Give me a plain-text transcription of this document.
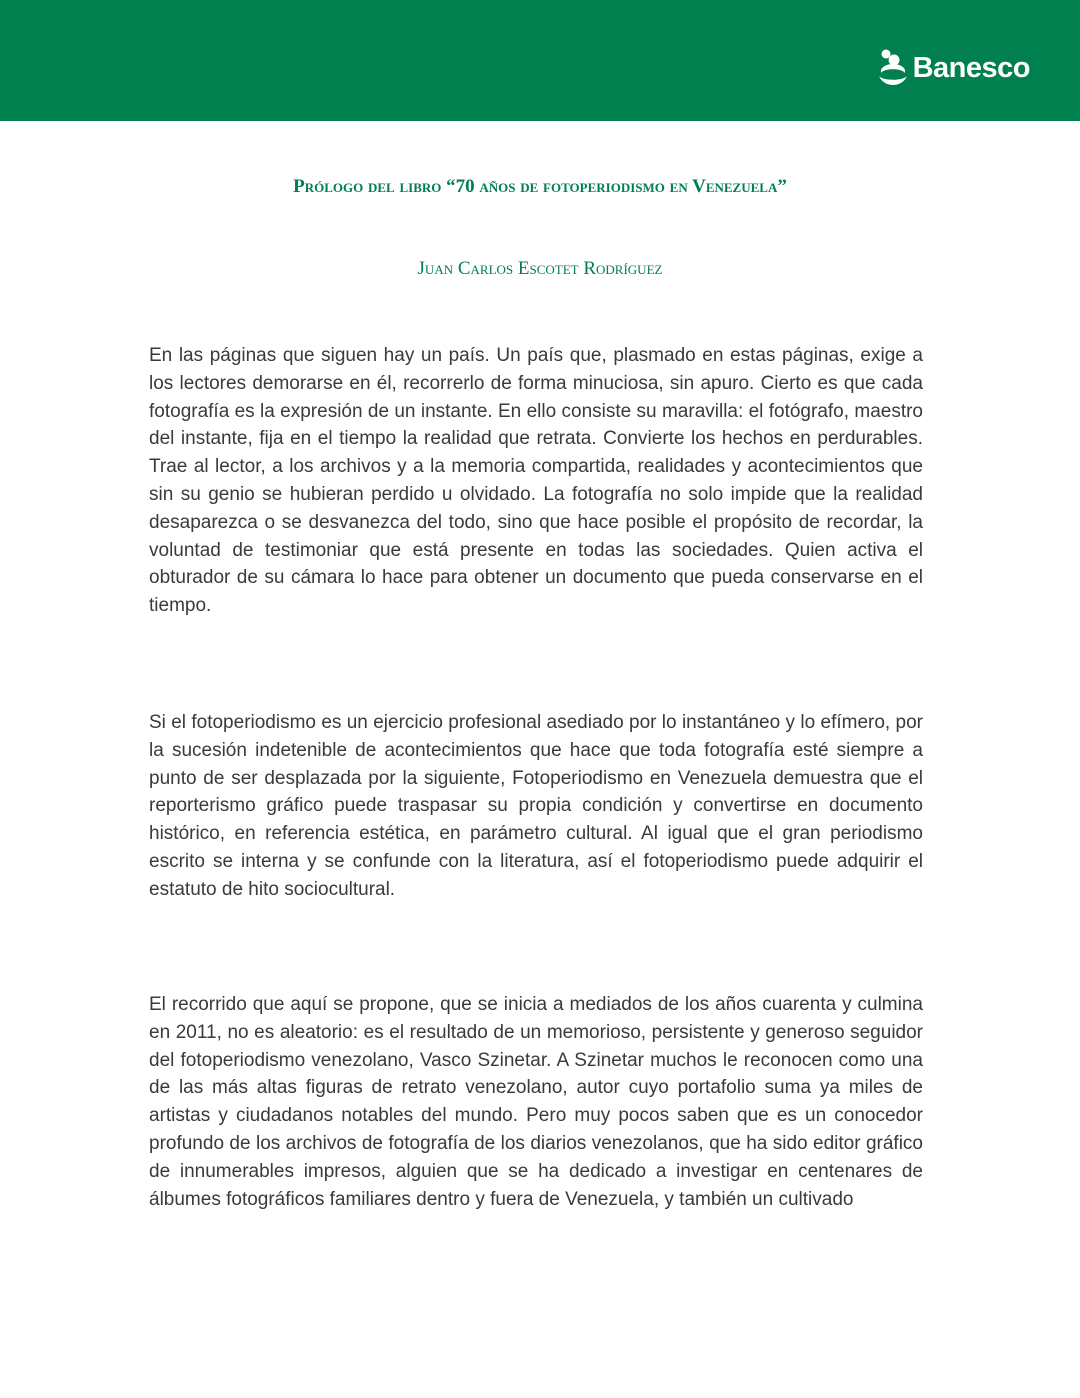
Banesco
Prólogo del libro “70 años de fotoperiodismo en Venezuela”
Juan Carlos Escotet Rodríguez

En las páginas que siguen hay un país. Un país que, plasmado en estas páginas, exige a los lectores demorarse en él, recorrerlo de forma minuciosa, sin apuro. Cierto es que cada fotografía es la expresión de un instante. En ello consiste su maravilla: el fotógrafo, maestro del instante, fija en el tiempo la realidad que retrata. Convierte los hechos en perdurables. Trae al lector, a los archivos y a la memoria compartida, realidades y acontecimientos que sin su genio se hubieran perdido u olvidado. La fotografía no solo impide que la realidad desaparezca o se desvanezca del todo, sino que hace posible el propósito de recordar, la voluntad de testimoniar que está presente en todas las sociedades. Quien activa el obturador de su cámara lo hace para obtener un documento que pueda conservarse en el tiempo.

Si el fotoperiodismo es un ejercicio profesional asediado por lo instantáneo y lo efímero, por la sucesión indetenible de acontecimientos que hace que toda fotografía esté siempre a punto de ser desplazada por la siguiente, Fotoperiodismo en Venezuela demuestra que el reporterismo gráfico puede traspasar su propia condición y convertirse en documento histórico, en referencia estética, en parámetro cultural. Al igual que el gran periodismo escrito se interna y se confunde con la literatura, así el fotoperiodismo puede adquirir el estatuto de hito sociocultural.

El recorrido que aquí se propone, que se inicia a mediados de los años cuarenta y culmina en 2011, no es aleatorio: es el resultado de un memorioso, persistente y generoso seguidor del fotoperiodismo venezolano, Vasco Szinetar. A Szinetar muchos le reconocen como una de las más altas figuras de retrato venezolano, autor cuyo portafolio suma ya miles de artistas y ciudadanos notables del mundo. Pero muy pocos saben que es un conocedor profundo de los archivos de fotografía de los diarios venezolanos, que ha sido editor gráfico de innumerables impresos, alguien que se ha dedicado a investigar en centenares de álbumes fotográficos familiares dentro y fuera de Venezuela, y también un cultivado
